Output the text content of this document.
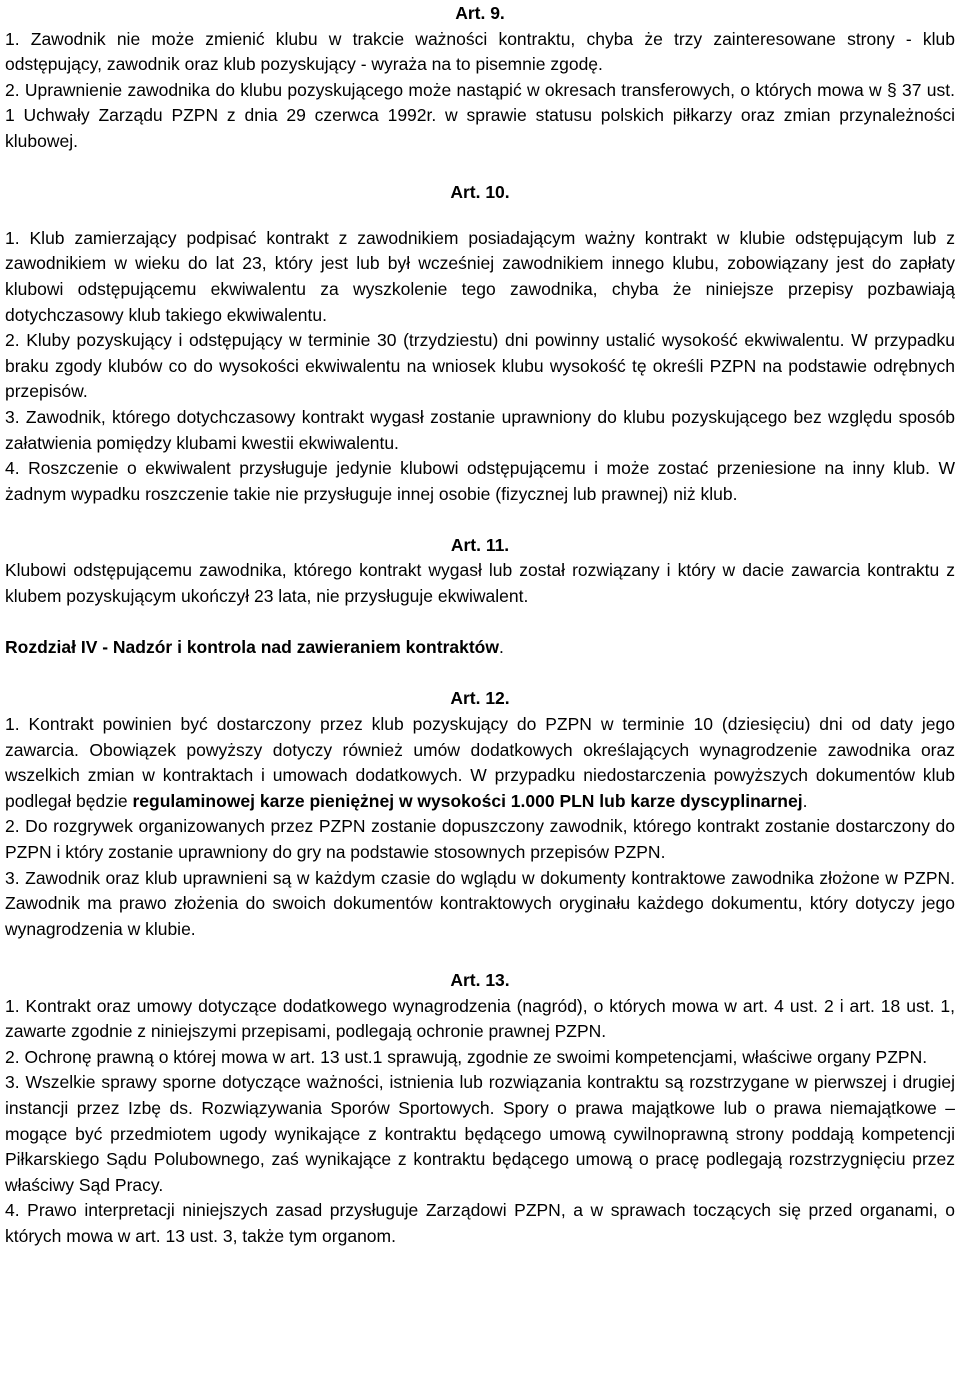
Art. 9.

1. Zawodnik nie może zmienić klubu w trakcie ważności kontraktu, chyba że trzy zainteresowane strony - klub odstępujący, zawodnik oraz klub pozyskujący - wyraża na to pisemnie zgodę.

2. Uprawnienie zawodnika do klubu pozyskującego może nastąpić w okresach transferowych, o których mowa w § 37 ust. 1 Uchwały Zarządu PZPN z dnia 29 czerwca 1992r. w sprawie statusu polskich piłkarzy oraz zmian przynależności klubowej.

Art. 10.

1. Klub zamierzający podpisać kontrakt z zawodnikiem posiadającym ważny kontrakt w klubie odstępującym lub z zawodnikiem w wieku do lat 23, który jest lub był wcześniej zawodnikiem innego klubu, zobowiązany jest do zapłaty klubowi odstępującemu ekwiwalentu za wyszkolenie tego zawodnika, chyba że niniejsze przepisy pozbawiają dotychczasowy klub takiego ekwiwalentu.

2. Kluby pozyskujący i odstępujący w terminie 30 (trzydziestu) dni powinny ustalić wysokość ekwiwalentu. W przypadku braku zgody klubów co do wysokości ekwiwalentu na wniosek klubu wysokość tę określi PZPN na podstawie odrębnych przepisów.

3. Zawodnik, którego dotychczasowy kontrakt wygasł zostanie uprawniony do klubu pozyskującego bez względu sposób załatwienia pomiędzy klubami kwestii ekwiwalentu.

4. Roszczenie o ekwiwalent przysługuje jedynie klubowi odstępującemu i może zostać przeniesione na inny klub. W żadnym wypadku roszczenie takie nie przysługuje innej osobie (fizycznej lub prawnej) niż klub.

Art. 11.

Klubowi odstępującemu zawodnika, którego kontrakt wygasł lub został rozwiązany i który w dacie zawarcia kontraktu z klubem pozyskującym ukończył 23 lata, nie przysługuje ekwiwalent.

Rozdział IV - Nadzór i kontrola nad zawieraniem kontraktów.

Art. 12.

1. Kontrakt powinien być dostarczony przez klub pozyskujący do PZPN w terminie 10 (dziesięciu) dni od daty jego zawarcia. Obowiązek powyższy dotyczy również umów dodatkowych określających wynagrodzenie zawodnika oraz wszelkich zmian w kontraktach i umowach dodatkowych. W przypadku niedostarczenia powyższych dokumentów klub podlegał będzie regulaminowej karze pieniężnej w wysokości 1.000 PLN lub karze dyscyplinarnej.

2. Do rozgrywek organizowanych przez PZPN zostanie dopuszczony zawodnik, którego kontrakt zostanie dostarczony do PZPN i który zostanie uprawniony do gry na podstawie stosownych przepisów PZPN.

3. Zawodnik oraz klub uprawnieni są w każdym czasie do wglądu w dokumenty kontraktowe zawodnika złożone w PZPN. Zawodnik ma prawo złożenia do swoich dokumentów kontraktowych oryginału każdego dokumentu, który dotyczy jego wynagrodzenia w klubie.

Art. 13.

1. Kontrakt oraz umowy dotyczące dodatkowego wynagrodzenia (nagród), o których mowa w art. 4 ust. 2 i art. 18 ust. 1, zawarte zgodnie z niniejszymi przepisami, podlegają ochronie prawnej PZPN.

2. Ochronę prawną o której mowa w art. 13 ust.1 sprawują, zgodnie ze swoimi kompetencjami, właściwe organy PZPN.

3. Wszelkie sprawy sporne dotyczące ważności, istnienia lub rozwiązania kontraktu są rozstrzygane w pierwszej i drugiej instancji przez Izbę ds. Rozwiązywania Sporów Sportowych. Spory o prawa majątkowe lub o prawa niemajątkowe – mogące być przedmiotem ugody wynikające z kontraktu będącego umową cywilnoprawną strony poddają kompetencji Piłkarskiego Sądu Polubownego, zaś wynikające z kontraktu będącego umową o pracę podlegają rozstrzygnięciu przez właściwy Sąd Pracy.

4. Prawo interpretacji niniejszych zasad przysługuje Zarządowi PZPN, a w sprawach toczących się przed organami, o których mowa w art. 13 ust. 3, także tym organom.
